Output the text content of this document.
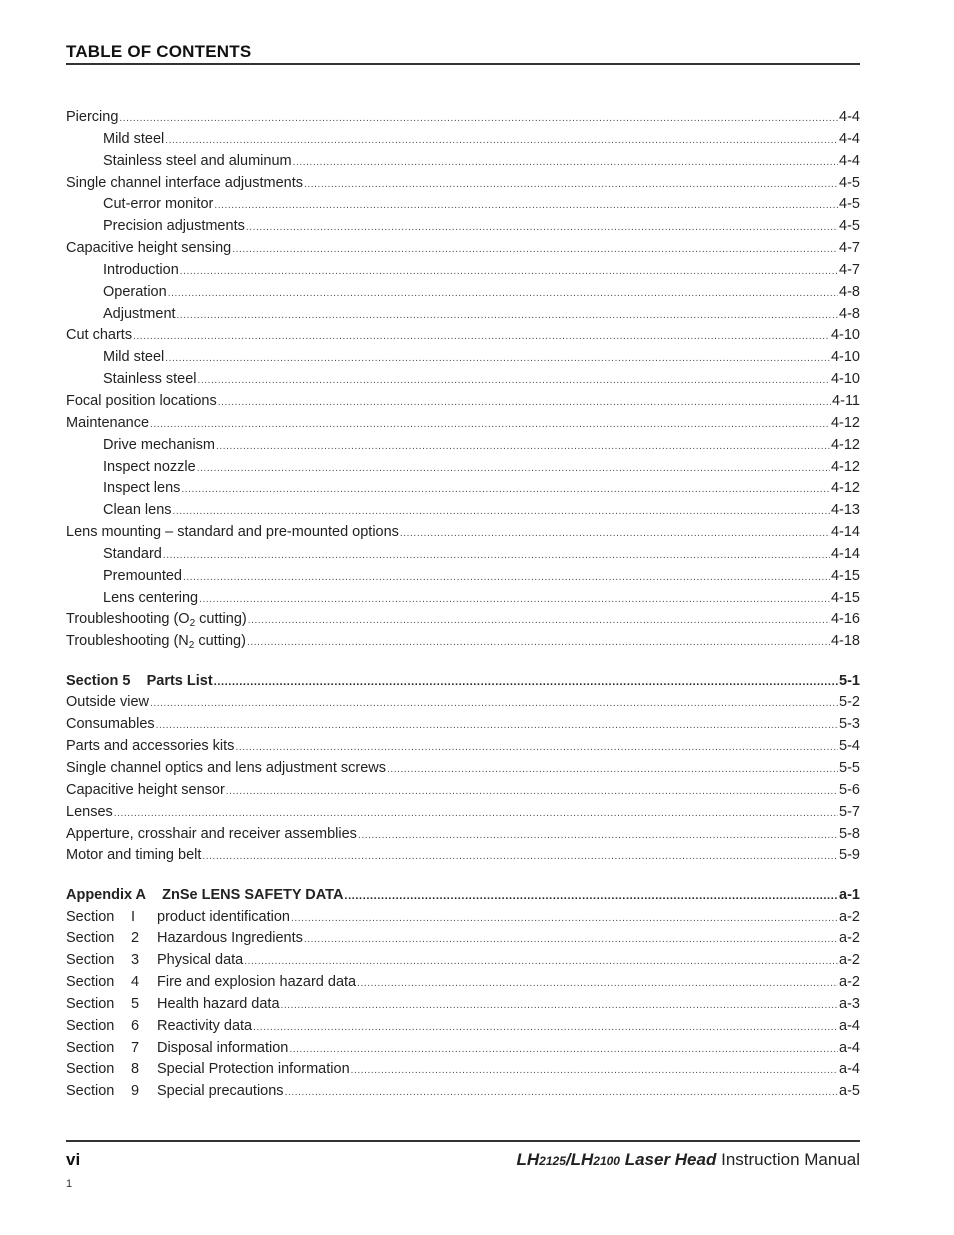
TABLE OF CONTENTS
Piercing .....	4-4
Mild steel .....	4-4
Stainless steel and aluminum .....	4-4
Single channel interface adjustments .....	4-5
Cut-error monitor .....	4-5
Precision adjustments .....	4-5
Capacitive height sensing .....	4-7
Introduction .....	4-7
Operation .....	4-8
Adjustment .....	4-8
Cut charts .....	4-10
Mild steel .....	4-10
Stainless steel .....	4-10
Focal position locations .....	4-11
Maintenance .....	4-12
Drive mechanism .....	4-12
Inspect nozzle .....	4-12
Inspect lens .....	4-12
Clean lens .....	4-13
Lens mounting – standard and pre-mounted options .....	4-14
Standard .....	4-14
Premounted .....	4-15
Lens centering .....	4-15
Troubleshooting ($O_2$ cutting) .....	4-16
Troubleshooting ($N_2$ cutting) .....	4-18
Section 5 Parts List .....	5-1
Outside view .....	5-2
Consumables .....	5-3
Parts and accessories kits .....	5-4
Single channel optics and lens adjustment screws .....	5-5
Capacitive height sensor .....	5-6
Lenses .....	5-7
Apperture, crosshair and receiver assemblies .....	5-8
Motor and timing belt .....	5-9
Appendix A ZnSe LENS SAFETY DATA .....	a-1
Section I product identification .....	a-2
Section 2 Hazardous Ingredients .....	a-2
Section 3 Physical data .....	a-2
Section 4 Fire and explosion hazard data .....	a-2
Section 5 Health hazard data .....	a-3
Section 6 Reactivity data .....	a-4
Section 7 Disposal information .....	a-4
Section 8 Special Protection information .....	a-4
Section 9 Special precautions .....	a-5
vi	LH2125/LH2100 Laser Head Instruction Manual
1
